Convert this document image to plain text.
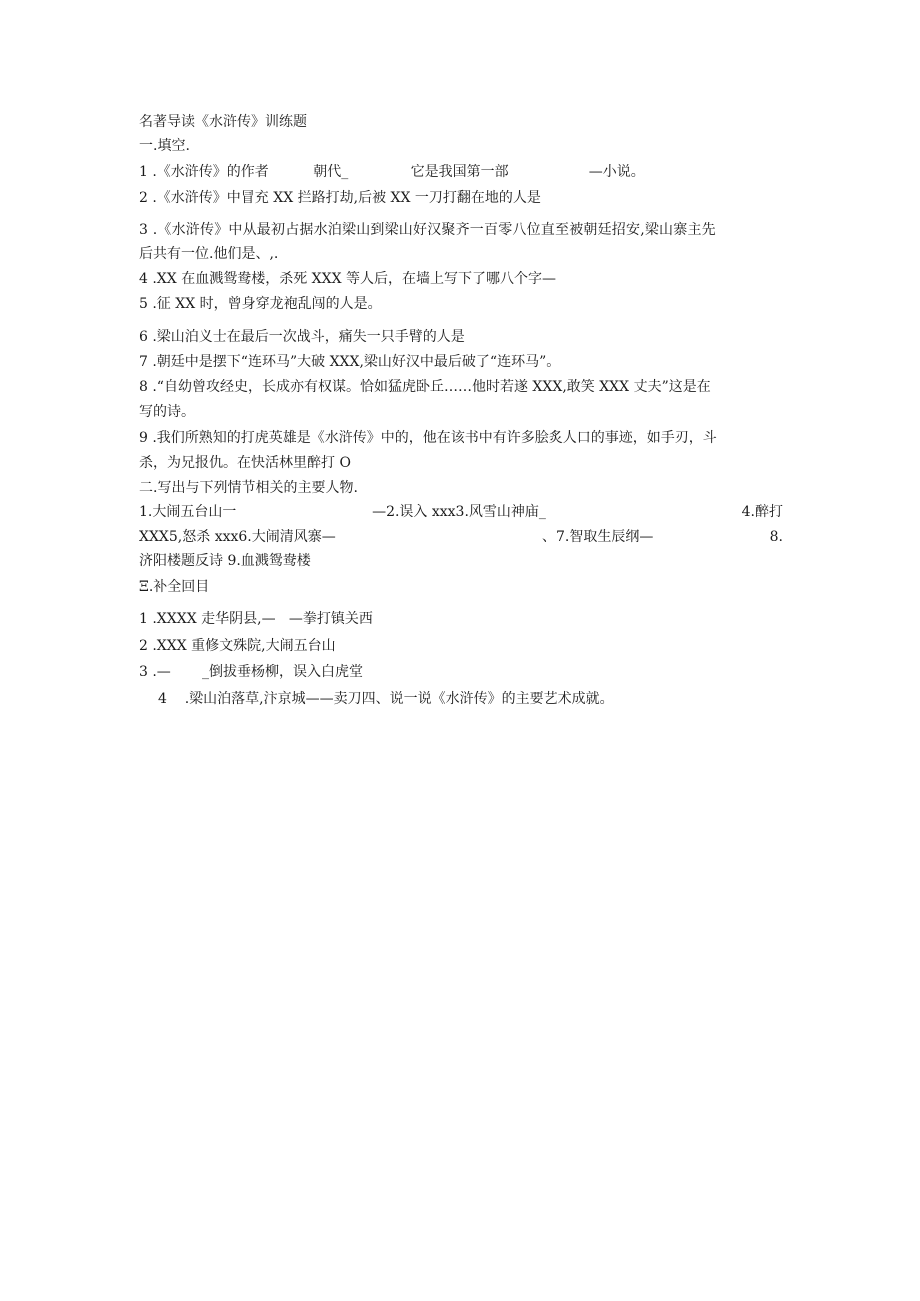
名著导读《水浒传》训练题
一.填空.
1 .《水浒传》的作者          朝代_              它是我国第一部                  —小说。
2 .《水浒传》中冒充 XX 拦路打劫,后被 XX 一刀打翻在地的人是
3 .《水浒传》中从最初占据水泊梁山到梁山好汉聚齐一百零八位直至被朝廷招安,梁山寨主先
后共有一位.他们是、,.
4 .XX 在血溅鸳鸯楼，杀死 XXX 等人后，在墙上写下了哪八个字—
5 .征 XX 时，曾身穿龙袍乱闯的人是。
6 .梁山泊义士在最后一次战斗，痛失一只手臂的人是
7 .朝廷中是摆下“连环马”大破 XXX,梁山好汉中最后破了“连环马”。
8 .“自幼曾攻经史，长成亦有权谋。恰如猛虎卧丘……他时若遂 XXX,敢笑 XXX 丈夫”这是在
写的诗。
9 .我们所熟知的打虎英雄是《水浒传》中的，他在该书中有许多脍炙人口的事迹，如手刃，斗
杀，为兄报仇。在快活林里醉打 O
二.写出与下列情节相关的主要人物.
1.大闹五台山一	—2.误入 xxx3.风雪山神庙_	4.醉打
XXX5,怒杀 xxx6.大闹清风寨—	、7.智取生辰纲—	8.
济阳楼题反诗 9.血溅鸳鸯楼
Ξ.补全回目
1 .XXXX 走华阴县,—   —拳打镇关西
2 .XXX 重修文殊院,大闹五台山
3 .—       _倒拔垂杨柳，误入白虎堂
4    .梁山泊落草,汴京城——卖刀四、说一说《水浒传》的主要艺术成就。
